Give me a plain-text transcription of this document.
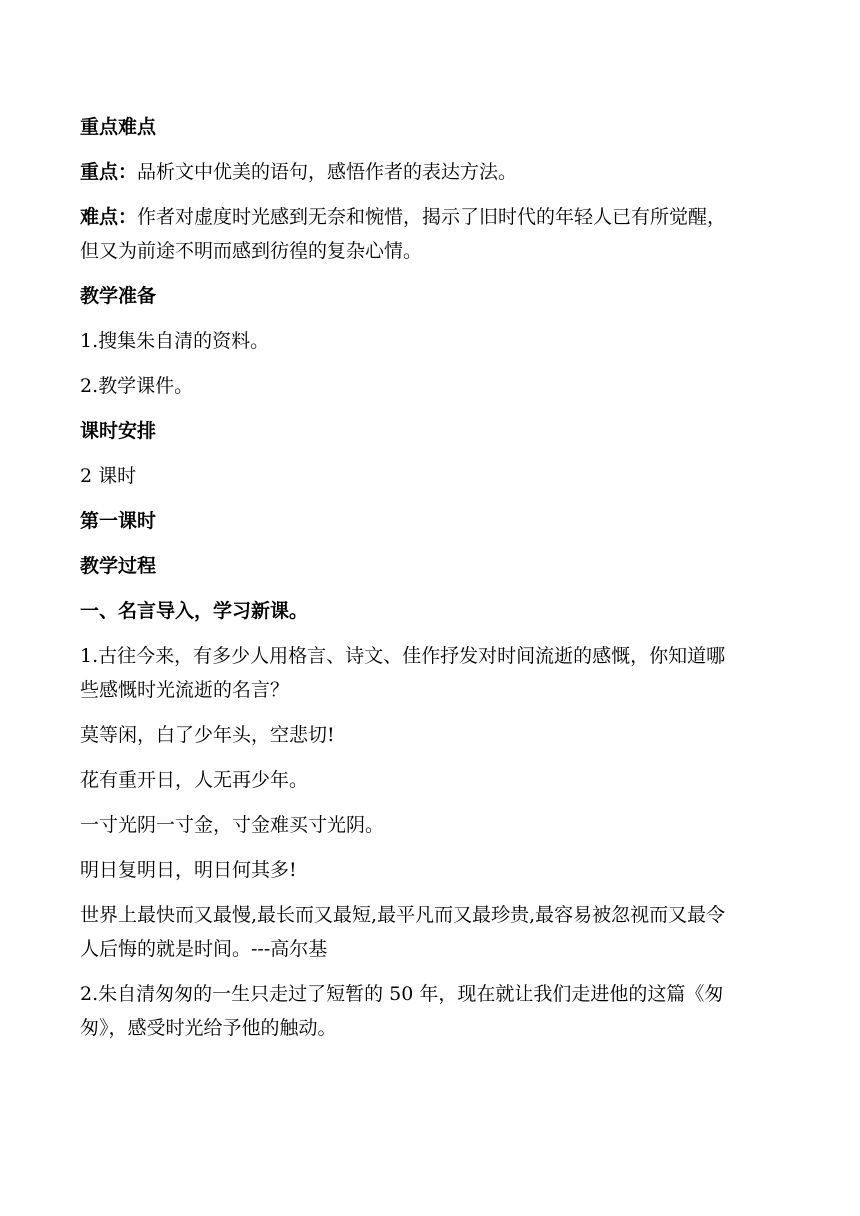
重点难点
重点：品析文中优美的语句，感悟作者的表达方法。
难点：作者对虚度时光感到无奈和惋惜，揭示了旧时代的年轻人已有所觉醒，
但又为前途不明而感到彷徨的复杂心情。
教学准备
1.搜集朱自清的资料。
2.教学课件。
课时安排
2 课时
第一课时
教学过程
一、名言导入，学习新课。
1.古往今来，有多少人用格言、诗文、佳作抒发对时间流逝的感慨，你知道哪
些感慨时光流逝的名言？
莫等闲，白了少年头，空悲切!
花有重开日，人无再少年。
一寸光阴一寸金，寸金难买寸光阴。
明日复明日，明日何其多!
世界上最快而又最慢,最长而又最短,最平凡而又最珍贵,最容易被忽视而又最令
人后悔的就是时间。---高尔基
2.朱自清匆匆的一生只走过了短暂的 50 年，现在就让我们走进他的这篇《匆
匆》，感受时光给予他的触动。
